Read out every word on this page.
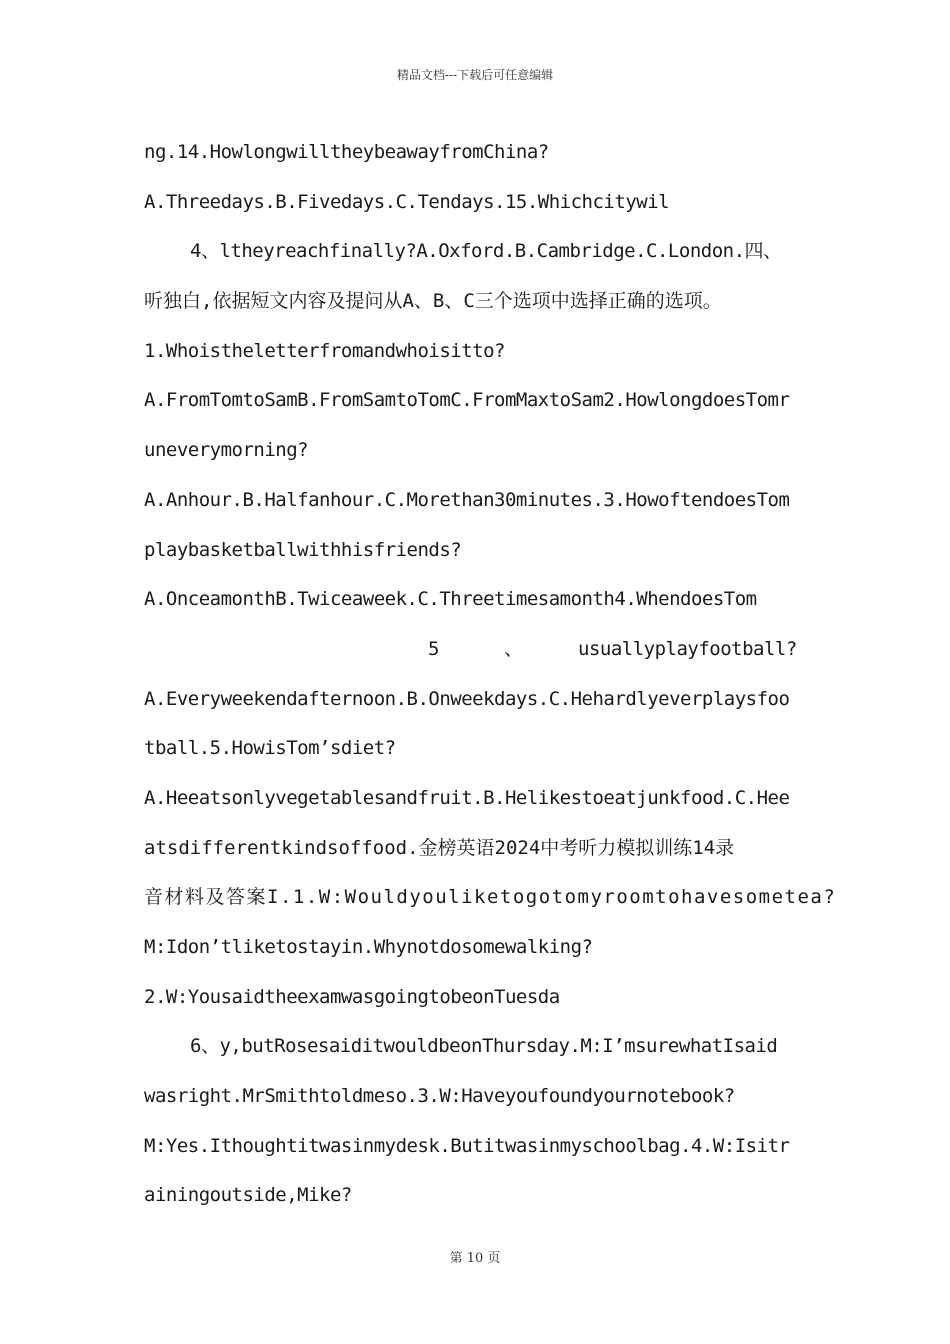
精品文档---下载后可任意编辑
ng.14.HowlongwilltheybeawayfromChina?
A.Threedays.B.Fivedays.C.Tendays.15.Whichcitywil
4、ltheyreachfinally?A.Oxford.B.Cambridge.C.London.四、
听独白,依据短文内容及提问从A、B、C三个选项中选择正确的选项。
1.Whoistheletterfromandwhoisitto?
A.FromTomtoSamB.FromSamtoTomC.FromMaxtoSam2.HowlongdoesTomr
uneverymorning?
A.Anhour.B.Halfanhour.C.Morethan30minutes.3.HowoftendoesTom
playbasketballwithhisfriends?
A.OnceamonthB.Twiceaweek.C.Threetimesamonth4.WhendoesTom
5	、	usuallyplayfootball?
A.Everyweekendafternoon.B.Onweekdays.C.Hehardlyeverplaysfoo
tball.5.HowisTom’sdiet?
A.Heeatsonlyvegetablesandfruit.B.Helikestoeatjunkfood.C.Hee
atsdifferentkindsoffood.金榜英语2024中考听力模拟训练14录
音材料及答案I.1.W:Wouldyouliketogotomyroomtohavesometea?
M:Idon’tliketostayin.Whynotdosomewalking?
2.W:YousaidtheexamwasgoingtobeonTuesda
6、y,butRosesaiditwouldbeonThursday.M:I’msurewhatIsaid
wasright.MrSmithtoldmeso.3.W:Haveyoufoundyournotebook?
M:Yes.Ithoughtitwasinmydesk.Butitwasinmyschoolbag.4.W:Isitr
ainingoutside,Mike?
第 10 页
